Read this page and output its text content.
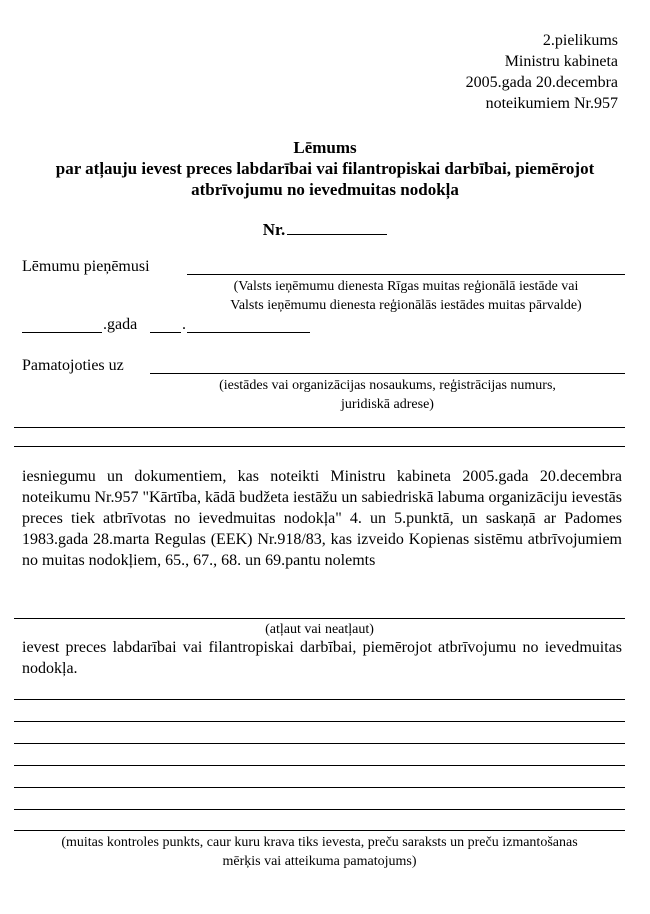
2.pielikums
Ministru kabineta
2005.gada 20.decembra
noteikumiem Nr.957
Lēmums
par atļauju ievest preces labdarībai vai filantropiskai darbībai, piemērojot
atbrīvojumu no ievedmuitas nodokļa
Nr.
Lēmumu pieņēmusi
(Valsts ieņēmumu dienesta Rīgas muitas reģionālā iestāde vai
Valsts ieņēmumu dienesta reģionālās iestādes muitas pārvalde)
.gada	.
Pamatojoties uz
(iestādes vai organizācijas nosaukums, reģistrācijas numurs,
juridiskā adrese)
iesniegumu un dokumentiem, kas noteikti Ministru kabineta 2005.gada 20.decembra noteikumu Nr.957 "Kārtība, kādā budžeta iestāžu un sabiedriskā labuma organizāciju ievestās preces tiek atbrīvotas no ievedmuitas nodokļa" 4. un 5.punktā, un saskaņā ar Padomes 1983.gada 28.marta Regulas (EEK) Nr.918/83, kas izveido Kopienas sistēmu atbrīvojumiem no muitas nodokļiem, 65., 67., 68. un 69.pantu nolemts
(atļaut vai neatļaut)
ievest preces labdarībai vai filantropiskai darbībai, piemērojot atbrīvojumu no ievedmuitas nodokļa.
(muitas kontroles punkts, caur kuru krava tiks ievesta, preču saraksts un preču izmantošanas
mērķis vai atteikuma pamatojums)
